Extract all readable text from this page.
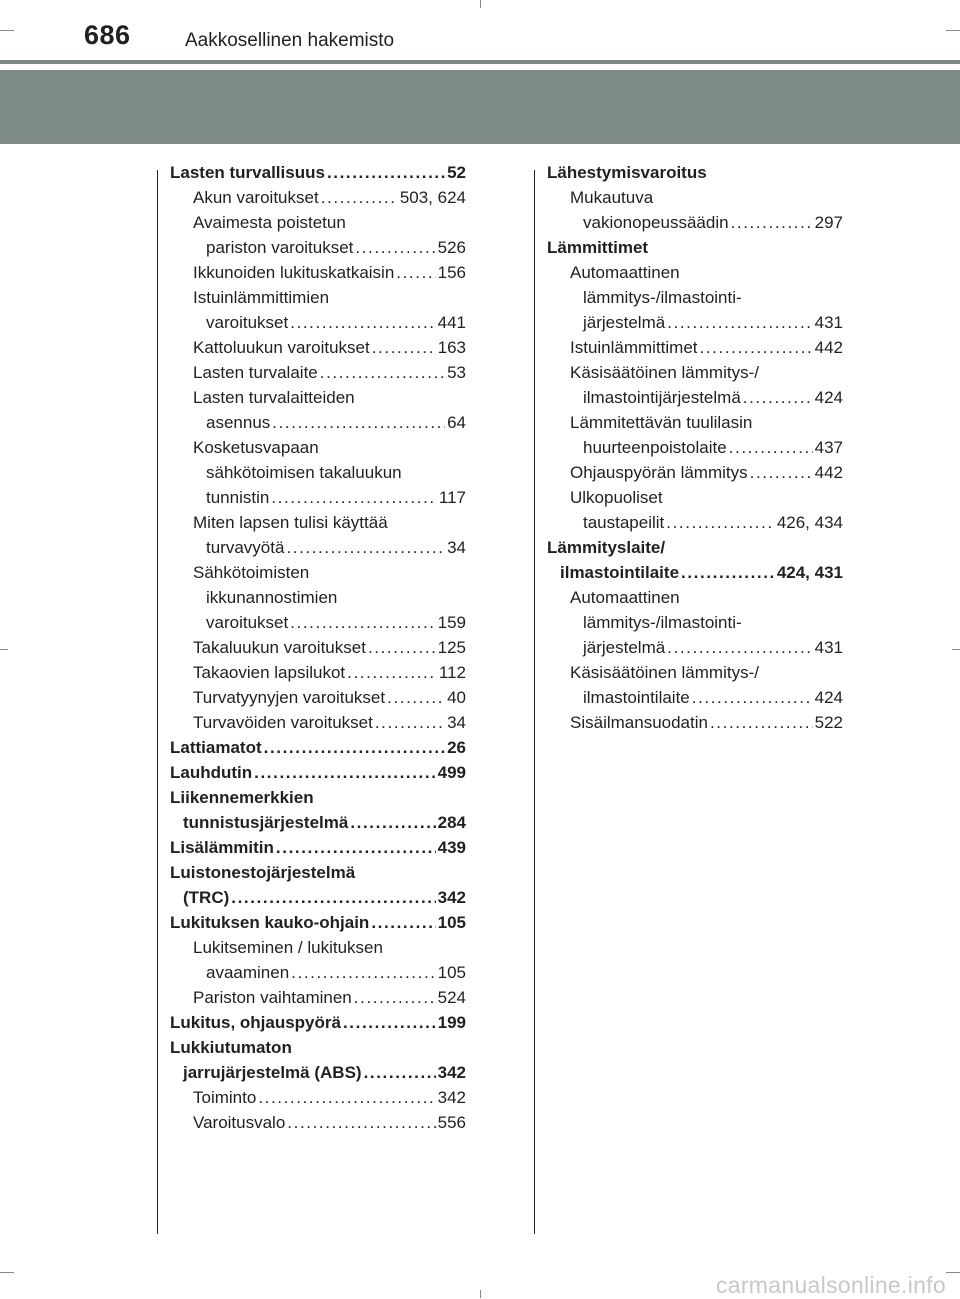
686	Aakkosellinen hakemisto
Lasten turvallisuus .....	52
Akun varoitukset .....	503, 624
Avaimesta poistetun
pariston varoitukset .....	526
Ikkunoiden lukituskatkaisin .....	156
Istuinlämmittimien
varoitukset .....	441
Kattoluukun varoitukset .....	163
Lasten turvalaite .....	53
Lasten turvalaitteiden
asennus .....	64
Kosketusvapaan
sähkötoimisen takaluukun
tunnistin .....	117
Miten lapsen tulisi käyttää
turvavyötä .....	34
Sähkötoimisten
ikkunannostimien
varoitukset .....	159
Takaluukun varoitukset .....	125
Takaovien lapsilukot .....	112
Turvatyynyjen varoitukset .....	40
Turvavöiden varoitukset .....	34
Lattiamatot .....	26
Lauhdutin .....	499
Liikennemerkkien
tunnistusjärjestelmä .....	284
Lisälämmitin .....	439
Luistonestojärjestelmä
(TRC) .....	342
Lukituksen kauko-ohjain .....	105
Lukitseminen / lukituksen
avaaminen .....	105
Pariston vaihtaminen .....	524
Lukitus, ohjauspyörä .....	199
Lukkiutumaton
jarrujärjestelmä (ABS) .....	342
Toiminto .....	342
Varoitusvalo .....	556
Lähestymisvaroitus
Mukautuva
vakionopeussäädin .....	297
Lämmittimet
Automaattinen
lämmitys-/ilmastointi-
järjestelmä .....	431
Istuinlämmittimet .....	442
Käsisäätöinen lämmitys-/
ilmastointijärjestelmä .....	424
Lämmitettävän tuulilasin
huurteenpoistolaite .....	437
Ohjauspyörän lämmitys .....	442
Ulkopuoliset
taustapeilit .....	426, 434
Lämmityslaite/
ilmastointilaite .....	424, 431
Automaattinen
lämmitys-/ilmastointi-
järjestelmä .....	431
Käsisäätöinen lämmitys-/
ilmastointilaite .....	424
Sisäilmansuodatin .....	522
carmanualsonline.info
